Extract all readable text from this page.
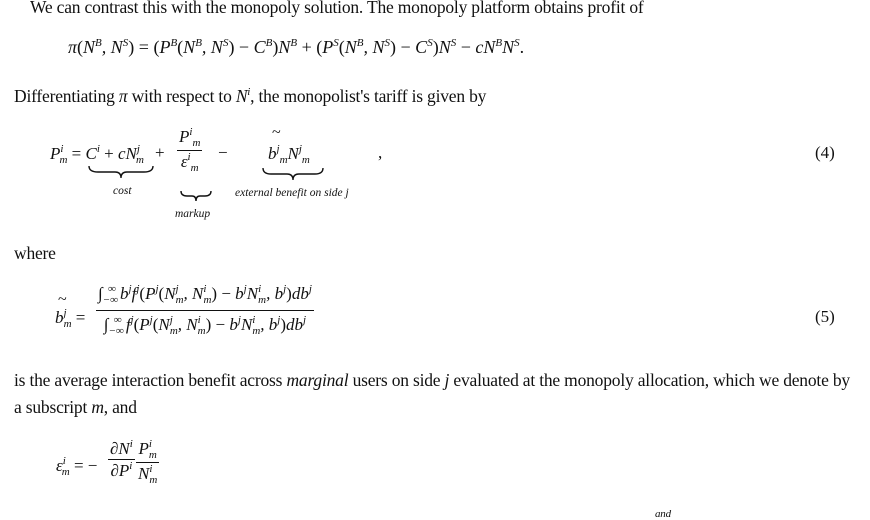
We can contrast this with the monopoly solution. The monopoly platform obtains profit of
$\pi(N^B$, $N^S) = (P^B(N^B$, $N^S) - C^B)N^B + (P^S(N^B$, $N^S) - C^S)N^S - cN^BN^S$.
Differentiating π with respect to $N^i$, the monopolist's tariff is given by
$P^i_m = C^i + cN^j_m + \frac{P^i_m}{\varepsilon^i_m}$ −
~
$b^j_mN^j_m$	,
cost
markup
external benefit on side j
(4)
where
~
$b^j_m = \frac{\int_{-\infty}^\infty b^jf^j(P^j(N^j_m, N^i_m) - b^jN^i_m, b^j)db^j}{\int_{-\infty}^\infty f^j(P^j(N^j_m, N^i_m) - b^jN^i_m, b^j)db^j}$	(5)
is the average interaction benefit across marginal users on side j evaluated at the monopoly allocation, which we denote by
a subscript m, and
$\varepsilon^i_m$ = − $\frac{\partial N^i}{\partial P^i} \frac{P^i_m}{N^i_m}$
and
